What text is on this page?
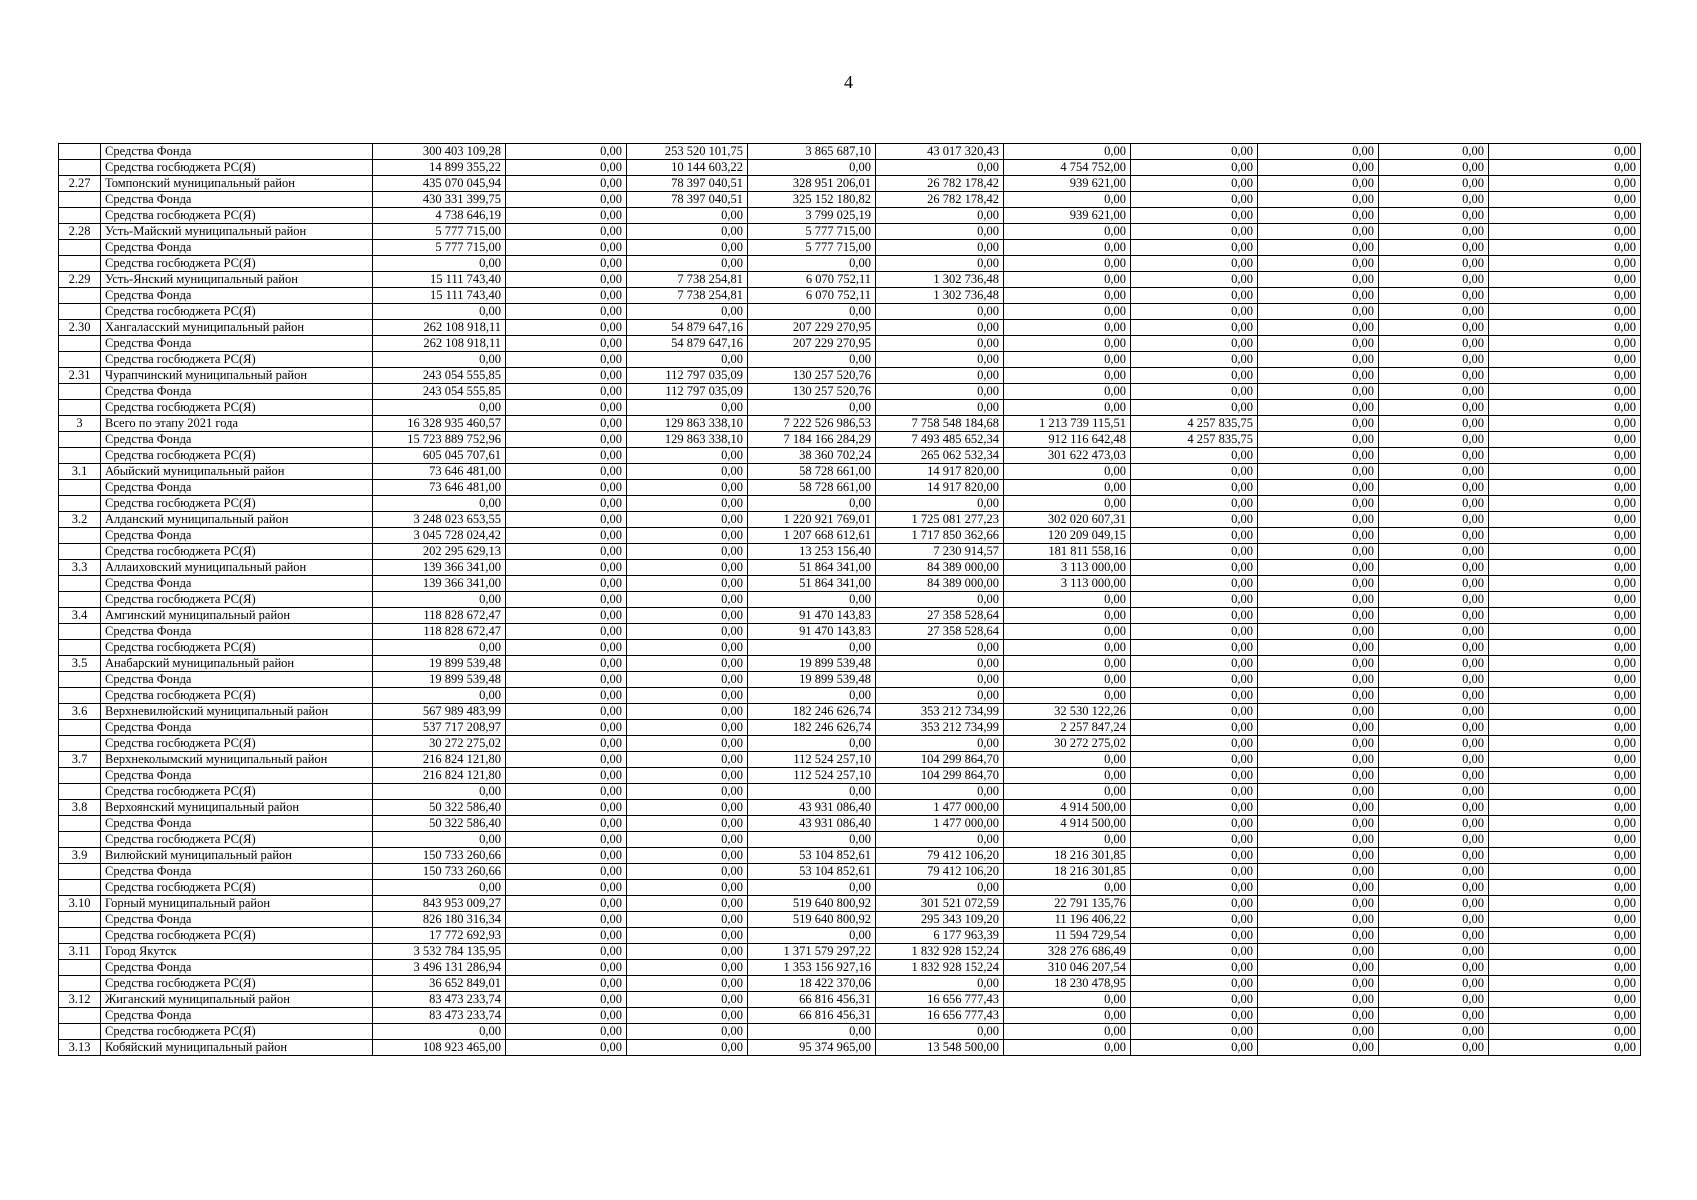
4
	Средства Фонда	300 403 109,28	0,00	253 520 101,75	3 865 687,10	43 017 320,43	0,00	0,00	0,00	0,00	0,00
	Средства госбюджета РС(Я)	14 899 355,22	0,00	10 144 603,22	0,00	0,00	4 754 752,00	0,00	0,00	0,00	0,00
2.27	Томпонский муниципальный район	435 070 045,94	0,00	78 397 040,51	328 951 206,01	26 782 178,42	939 621,00	0,00	0,00	0,00	0,00
	Средства Фонда	430 331 399,75	0,00	78 397 040,51	325 152 180,82	26 782 178,42	0,00	0,00	0,00	0,00	0,00
	Средства госбюджета РС(Я)	4 738 646,19	0,00	0,00	3 799 025,19	0,00	939 621,00	0,00	0,00	0,00	0,00
2.28	Усть-Майский муниципальный район	5 777 715,00	0,00	0,00	5 777 715,00	0,00	0,00	0,00	0,00	0,00	0,00
	Средства Фонда	5 777 715,00	0,00	0,00	5 777 715,00	0,00	0,00	0,00	0,00	0,00	0,00
	Средства госбюджета РС(Я)	0,00	0,00	0,00	0,00	0,00	0,00	0,00	0,00	0,00	0,00
2.29	Усть-Янский муниципальный район	15 111 743,40	0,00	7 738 254,81	6 070 752,11	1 302 736,48	0,00	0,00	0,00	0,00	0,00
	Средства Фонда	15 111 743,40	0,00	7 738 254,81	6 070 752,11	1 302 736,48	0,00	0,00	0,00	0,00	0,00
	Средства госбюджета РС(Я)	0,00	0,00	0,00	0,00	0,00	0,00	0,00	0,00	0,00	0,00
2.30	Хангаласский муниципальный район	262 108 918,11	0,00	54 879 647,16	207 229 270,95	0,00	0,00	0,00	0,00	0,00	0,00
	Средства Фонда	262 108 918,11	0,00	54 879 647,16	207 229 270,95	0,00	0,00	0,00	0,00	0,00	0,00
	Средства госбюджета РС(Я)	0,00	0,00	0,00	0,00	0,00	0,00	0,00	0,00	0,00	0,00
2.31	Чурапчинский муниципальный район	243 054 555,85	0,00	112 797 035,09	130 257 520,76	0,00	0,00	0,00	0,00	0,00	0,00
	Средства Фонда	243 054 555,85	0,00	112 797 035,09	130 257 520,76	0,00	0,00	0,00	0,00	0,00	0,00
	Средства госбюджета РС(Я)	0,00	0,00	0,00	0,00	0,00	0,00	0,00	0,00	0,00	0,00
3	Всего по этапу 2021 года	16 328 935 460,57	0,00	129 863 338,10	7 222 526 986,53	7 758 548 184,68	1 213 739 115,51	4 257 835,75	0,00	0,00	0,00
	Средства Фонда	15 723 889 752,96	0,00	129 863 338,10	7 184 166 284,29	7 493 485 652,34	912 116 642,48	4 257 835,75	0,00	0,00	0,00
	Средства госбюджета РС(Я)	605 045 707,61	0,00	0,00	38 360 702,24	265 062 532,34	301 622 473,03	0,00	0,00	0,00	0,00
3.1	Абыйский муниципальный район	73 646 481,00	0,00	0,00	58 728 661,00	14 917 820,00	0,00	0,00	0,00	0,00	0,00
	Средства Фонда	73 646 481,00	0,00	0,00	58 728 661,00	14 917 820,00	0,00	0,00	0,00	0,00	0,00
	Средства госбюджета РС(Я)	0,00	0,00	0,00	0,00	0,00	0,00	0,00	0,00	0,00	0,00
3.2	Алданский муниципальный район	3 248 023 653,55	0,00	0,00	1 220 921 769,01	1 725 081 277,23	302 020 607,31	0,00	0,00	0,00	0,00
	Средства Фонда	3 045 728 024,42	0,00	0,00	1 207 668 612,61	1 717 850 362,66	120 209 049,15	0,00	0,00	0,00	0,00
	Средства госбюджета РС(Я)	202 295 629,13	0,00	0,00	13 253 156,40	7 230 914,57	181 811 558,16	0,00	0,00	0,00	0,00
3.3	Аллаиховский муниципальный район	139 366 341,00	0,00	0,00	51 864 341,00	84 389 000,00	3 113 000,00	0,00	0,00	0,00	0,00
	Средства Фонда	139 366 341,00	0,00	0,00	51 864 341,00	84 389 000,00	3 113 000,00	0,00	0,00	0,00	0,00
	Средства госбюджета РС(Я)	0,00	0,00	0,00	0,00	0,00	0,00	0,00	0,00	0,00	0,00
3.4	Амгинский муниципальный район	118 828 672,47	0,00	0,00	91 470 143,83	27 358 528,64	0,00	0,00	0,00	0,00	0,00
	Средства Фонда	118 828 672,47	0,00	0,00	91 470 143,83	27 358 528,64	0,00	0,00	0,00	0,00	0,00
	Средства госбюджета РС(Я)	0,00	0,00	0,00	0,00	0,00	0,00	0,00	0,00	0,00	0,00
3.5	Анабарский муниципальный район	19 899 539,48	0,00	0,00	19 899 539,48	0,00	0,00	0,00	0,00	0,00	0,00
	Средства Фонда	19 899 539,48	0,00	0,00	19 899 539,48	0,00	0,00	0,00	0,00	0,00	0,00
	Средства госбюджета РС(Я)	0,00	0,00	0,00	0,00	0,00	0,00	0,00	0,00	0,00	0,00
3.6	Верхневилюйский муниципальный район	567 989 483,99	0,00	0,00	182 246 626,74	353 212 734,99	32 530 122,26	0,00	0,00	0,00	0,00
	Средства Фонда	537 717 208,97	0,00	0,00	182 246 626,74	353 212 734,99	2 257 847,24	0,00	0,00	0,00	0,00
	Средства госбюджета РС(Я)	30 272 275,02	0,00	0,00	0,00	0,00	30 272 275,02	0,00	0,00	0,00	0,00
3.7	Верхнеколымский муниципальный район	216 824 121,80	0,00	0,00	112 524 257,10	104 299 864,70	0,00	0,00	0,00	0,00	0,00
	Средства Фонда	216 824 121,80	0,00	0,00	112 524 257,10	104 299 864,70	0,00	0,00	0,00	0,00	0,00
	Средства госбюджета РС(Я)	0,00	0,00	0,00	0,00	0,00	0,00	0,00	0,00	0,00	0,00
3.8	Верхоянский муниципальный район	50 322 586,40	0,00	0,00	43 931 086,40	1 477 000,00	4 914 500,00	0,00	0,00	0,00	0,00
	Средства Фонда	50 322 586,40	0,00	0,00	43 931 086,40	1 477 000,00	4 914 500,00	0,00	0,00	0,00	0,00
	Средства госбюджета РС(Я)	0,00	0,00	0,00	0,00	0,00	0,00	0,00	0,00	0,00	0,00
3.9	Вилюйский муниципальный район	150 733 260,66	0,00	0,00	53 104 852,61	79 412 106,20	18 216 301,85	0,00	0,00	0,00	0,00
	Средства Фонда	150 733 260,66	0,00	0,00	53 104 852,61	79 412 106,20	18 216 301,85	0,00	0,00	0,00	0,00
	Средства госбюджета РС(Я)	0,00	0,00	0,00	0,00	0,00	0,00	0,00	0,00	0,00	0,00
3.10	Горный муниципальный район	843 953 009,27	0,00	0,00	519 640 800,92	301 521 072,59	22 791 135,76	0,00	0,00	0,00	0,00
	Средства Фонда	826 180 316,34	0,00	0,00	519 640 800,92	295 343 109,20	11 196 406,22	0,00	0,00	0,00	0,00
	Средства госбюджета РС(Я)	17 772 692,93	0,00	0,00	0,00	6 177 963,39	11 594 729,54	0,00	0,00	0,00	0,00
3.11	Город Якутск	3 532 784 135,95	0,00	0,00	1 371 579 297,22	1 832 928 152,24	328 276 686,49	0,00	0,00	0,00	0,00
	Средства Фонда	3 496 131 286,94	0,00	0,00	1 353 156 927,16	1 832 928 152,24	310 046 207,54	0,00	0,00	0,00	0,00
	Средства госбюджета РС(Я)	36 652 849,01	0,00	0,00	18 422 370,06	0,00	18 230 478,95	0,00	0,00	0,00	0,00
3.12	Жиганский муниципальный район	83 473 233,74	0,00	0,00	66 816 456,31	16 656 777,43	0,00	0,00	0,00	0,00	0,00
	Средства Фонда	83 473 233,74	0,00	0,00	66 816 456,31	16 656 777,43	0,00	0,00	0,00	0,00	0,00
	Средства госбюджета РС(Я)	0,00	0,00	0,00	0,00	0,00	0,00	0,00	0,00	0,00	0,00
3.13	Кобяйский муниципальный район	108 923 465,00	0,00	0,00	95 374 965,00	13 548 500,00	0,00	0,00	0,00	0,00	0,00
